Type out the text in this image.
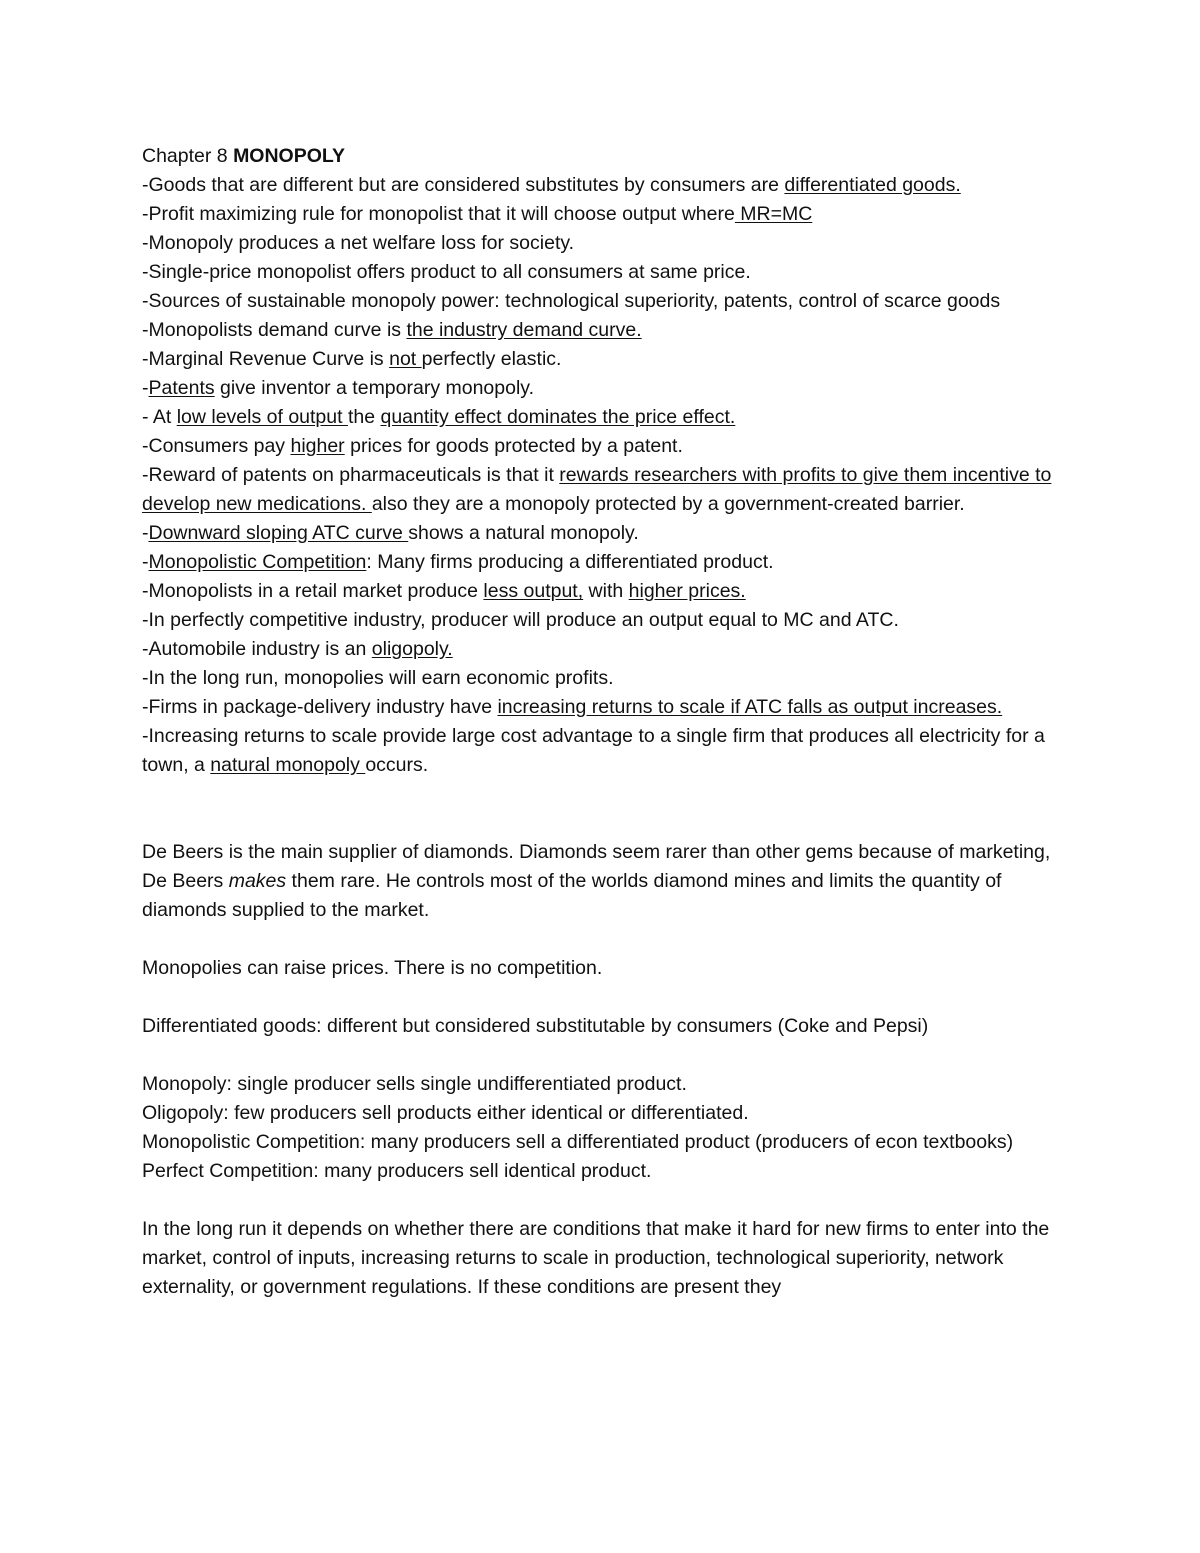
Chapter 8 MONOPOLY

-Goods that are different but are considered substitutes by consumers are differentiated goods.

-Profit maximizing rule for monopolist that it will choose output where MR=MC

-Monopoly produces a net welfare loss for society.

-Single-price monopolist offers product to all consumers at same price.

-Sources of sustainable monopoly power: technological superiority, patents, control of scarce goods

-Monopolists demand curve is the industry demand curve.

-Marginal Revenue Curve is not perfectly elastic.

-Patents give inventor a temporary monopoly.

- At low levels of output the quantity effect dominates the price effect.

-Consumers pay higher prices for goods protected by a patent.

-Reward of patents on pharmaceuticals is that it rewards researchers with profits to give them incentive to develop new medications. also they are a monopoly protected by a government-created barrier.

-Downward sloping ATC curve shows a natural monopoly.

-Monopolistic Competition: Many firms producing a differentiated product.

-Monopolists in a retail market produce less output, with higher prices.

-In perfectly competitive industry, producer will produce an output equal to MC and ATC.

-Automobile industry is an oligopoly.

-In the long run, monopolies will earn economic profits.

-Firms in package-delivery industry have increasing returns to scale if ATC falls as output increases.

-Increasing returns to scale provide large cost advantage to a single firm that produces all electricity for a town, a natural monopoly occurs.

De Beers is the main supplier of diamonds. Diamonds seem rarer than other gems because of marketing, De Beers makes them rare. He controls most of the worlds diamond mines and limits the quantity of diamonds supplied to the market.

Monopolies can raise prices. There is no competition.

Differentiated goods: different but considered substitutable by consumers (Coke and Pepsi)

Monopoly: single producer sells single undifferentiated product.

Oligopoly: few producers sell products either identical or differentiated.

Monopolistic Competition: many producers sell a differentiated product (producers of econ textbooks)

Perfect Competition: many producers sell identical product.

In the long run it depends on whether there are conditions that make it hard for new firms to enter into the market, control of inputs, increasing returns to scale in production, technological superiority, network externality, or government regulations. If these conditions are present they
